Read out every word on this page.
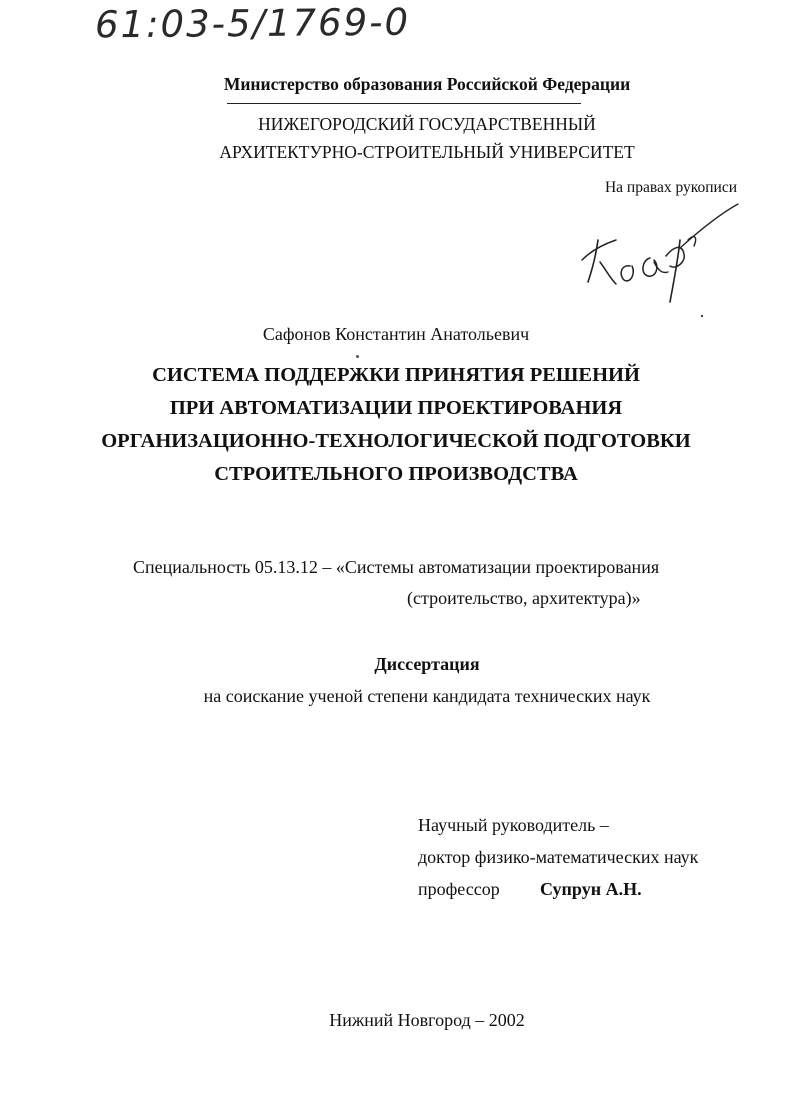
61:03-5/1769-0
Министерство образования Российской Федерации
НИЖЕГОРОДСКИЙ ГОСУДАРСТВЕННЫЙ
АРХИТЕКТУРНО-СТРОИТЕЛЬНЫЙ УНИВЕРСИТЕТ
На правах рукописи
Сафонов Константин Анатольевич
СИСТЕМА ПОДДЕРЖКИ ПРИНЯТИЯ РЕШЕНИЙ
ПРИ АВТОМАТИЗАЦИИ ПРОЕКТИРОВАНИЯ
ОРГАНИЗАЦИОННО-ТЕХНОЛОГИЧЕСКОЙ ПОДГОТОВКИ
СТРОИТЕЛЬНОГО ПРОИЗВОДСТВА
Специальность 05.13.12 – «Системы автоматизации проектирования
(строительство, архитектура)»
Диссертация
на соискание ученой степени кандидата технических наук
Научный руководитель –
доктор физико-математических наук
профессор Супрун А.Н.
Нижний Новгород – 2002
